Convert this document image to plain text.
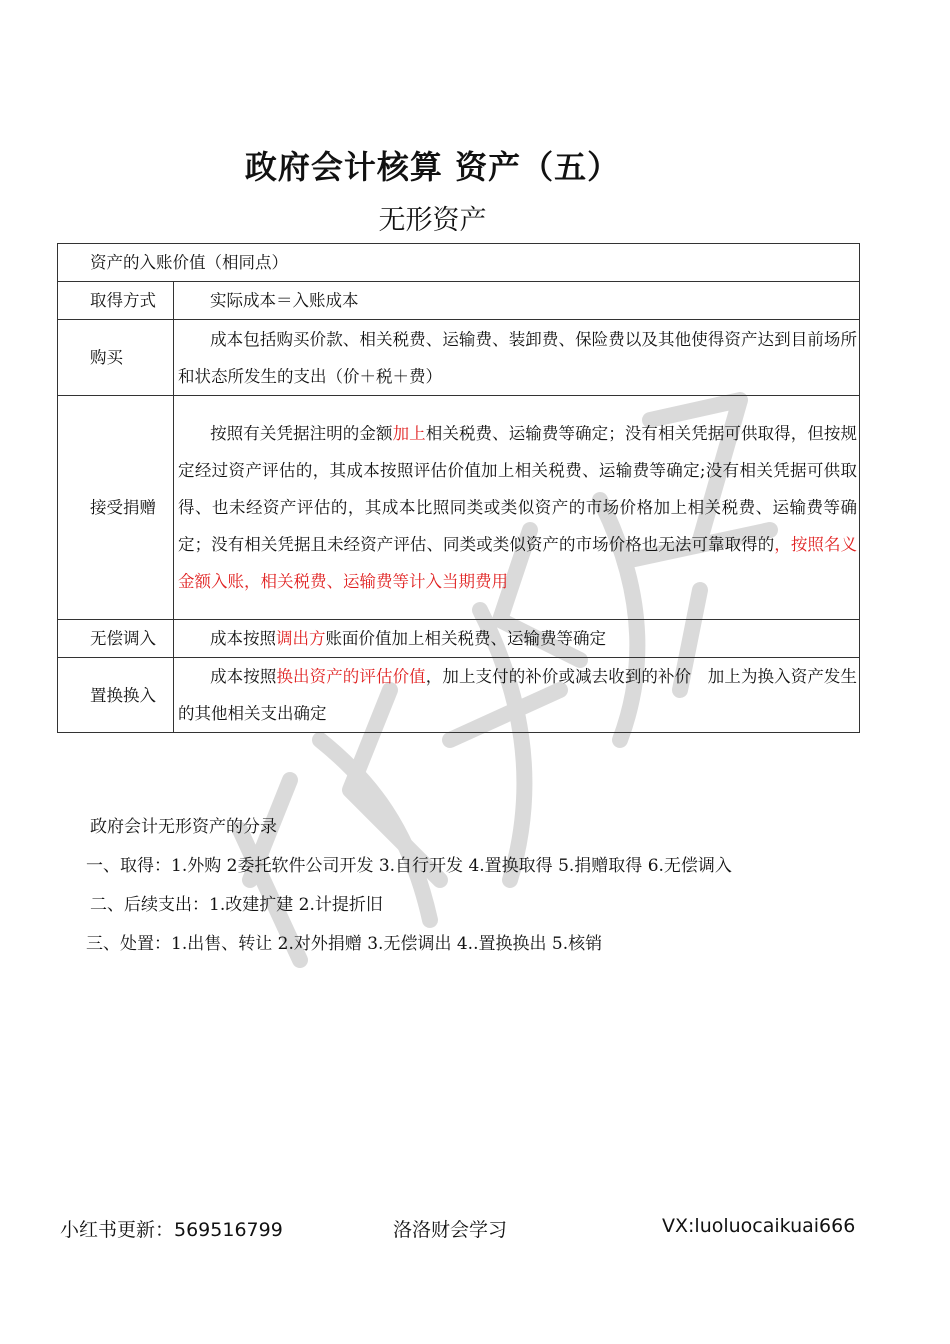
政府会计核算 资产（五）
无形资产
资产的入账价值（相同点）	
取得方式	实际成本＝入账成本
购买	成本包括购买价款、相关税费、运输费、装卸费、保险费以及其他使得资产达到目前场所和状态所发生的支出（价＋税＋费）
接受捐赠	按照有关凭据注明的金额加上相关税费、运输费等确定；没有相关凭据可供取得，但按规定经过资产评估的，其成本按照评估价值加上相关税费、运输费等确定;没有相关凭据可供取得、也未经资产评估的，其成本比照同类或类似资产的市场价格加上相关税费、运输费等确定；没有相关凭据且未经资产评估、同类或类似资产的市场价格也无法可靠取得的，按照名义金额入账，相关税费、运输费等计入当期费用
无偿调入	成本按照调出方账面价值加上相关税费、运输费等确定
置换换入	成本按照换出资产的评估价值，加上支付的补价或减去收到的补价　加上为换入资产发生的其他相关支出确定
政府会计无形资产的分录
一、取得：1.外购 2委托软件公司开发 3.自行开发 4.置换取得 5.捐赠取得 6.无偿调入
二、后续支出：1.改建扩建 2.计提折旧
三、处置：1.出售、转让 2.对外捐赠 3.无偿调出 4..置换换出 5.核销
小红书更新：569516799	洛洛财会学习	VX:luoluocaikuai666
